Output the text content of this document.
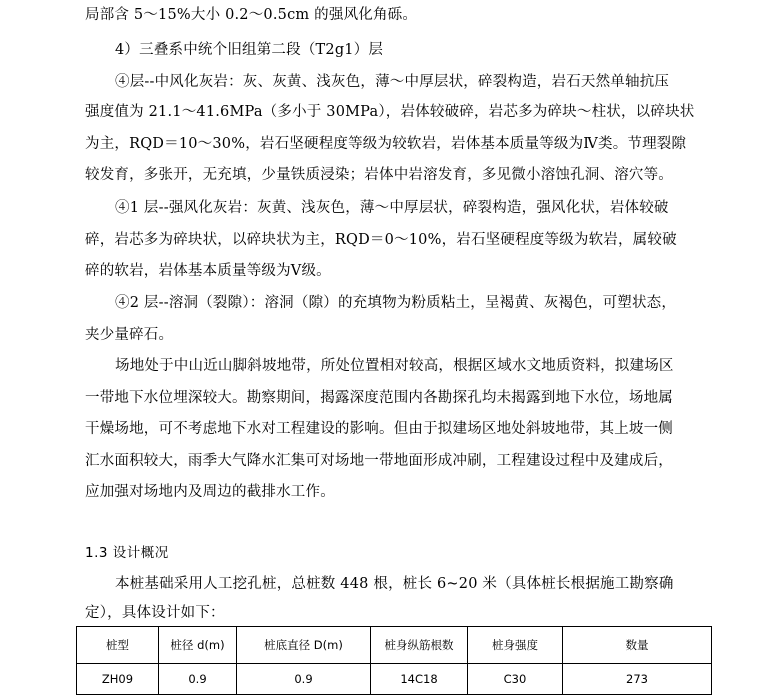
局部含 5～15%大小 0.2～0.5cm 的强风化角砾。
4）三叠系中统个旧组第二段（T2g1）层
④层--中风化灰岩：灰、灰黄、浅灰色，薄～中厚层状，碎裂构造，岩石天然单轴抗压
强度值为 21.1～41.6MPa（多小于 30MPa），岩体较破碎，岩芯多为碎块～柱状，以碎块状
为主，RQD＝10～30%，岩石坚硬程度等级为较软岩，岩体基本质量等级为Ⅳ类。节理裂隙
较发育，多张开，无充填，少量铁质浸染；岩体中岩溶发育，多见微小溶蚀孔洞、溶穴等。
④1 层--强风化灰岩：灰黄、浅灰色，薄～中厚层状，碎裂构造，强风化状，岩体较破
碎，岩芯多为碎块状，以碎块状为主，RQD＝0～10%，岩石坚硬程度等级为软岩，属较破
碎的软岩，岩体基本质量等级为Ⅴ级。
④2 层--溶洞（裂隙）：溶洞（隙）的充填物为粉质粘土，呈褐黄、灰褐色，可塑状态，
夹少量碎石。
场地处于中山近山脚斜坡地带，所处位置相对较高，根据区域水文地质资料，拟建场区
一带地下水位埋深较大。勘察期间，揭露深度范围内各勘探孔均未揭露到地下水位，场地属
干燥场地，可不考虑地下水对工程建设的影响。但由于拟建场区地处斜坡地带，其上坡一侧
汇水面积较大，雨季大气降水汇集可对场地一带地面形成冲刷，工程建设过程中及建成后，
应加强对场地内及周边的截排水工作。
1.3 设计概况
本桩基础采用人工挖孔桩，总桩数 448 根，桩长 6~20 米（具体桩长根据施工勘察确
定），具体设计如下：
桩型	桩径 d(m)	桩底直径 D(m)	桩身纵筋根数	桩身强度	数量
ZH09	0.9	0.9	14C18	C30	273
